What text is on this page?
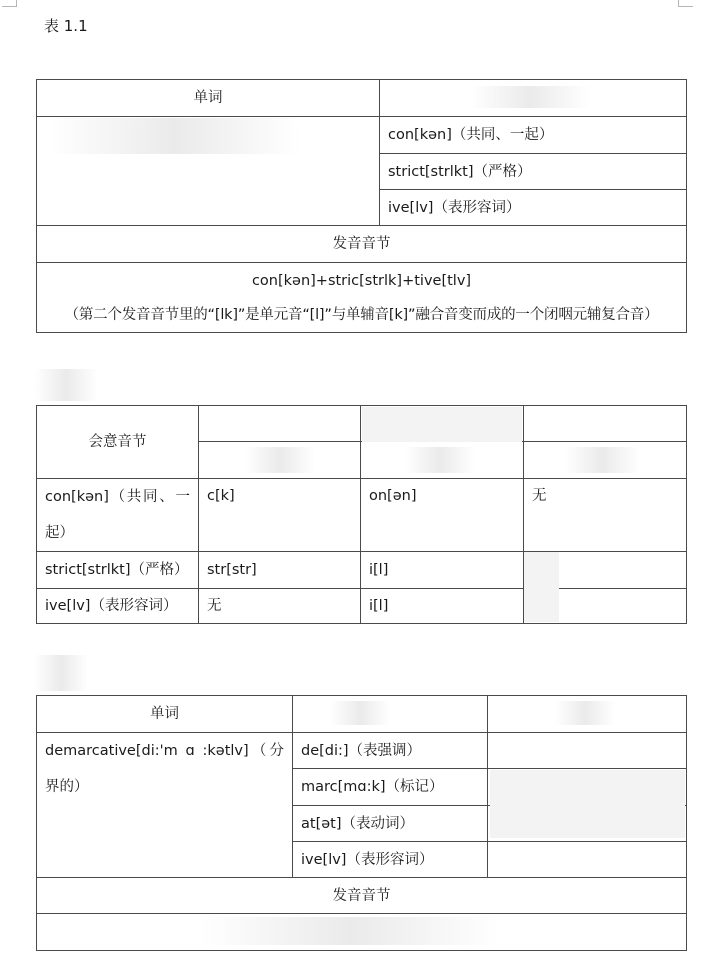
表 1.1
单词	
	con[kən]（共同、一起）
	strict[strlkt]（严格）
	ive[lv]（表形容词）
发音音节	

con[kən]+stric[strlk]+tive[tlv]
（第二个发音音节里的“[lk]”是单元音“[l]”与单辅音[k]”融合音变而成的一个闭咽元辅复合音）	
会意音节			

con[kən]（共同、一起）	c[k]	on[ən]	无
strict[strlkt]（严格）	str[str]	i[l]	
ive[lv]（表形容词）	无	i[l]	
单词		
demarcative[di:'m ɑ :kətlv]（分界的）	de[di:]（表强调）	
	marc[mɑ:k]（标记）	
	at[ət]（表动词）	
	ive[lv]（表形容词）	
发音音节		
